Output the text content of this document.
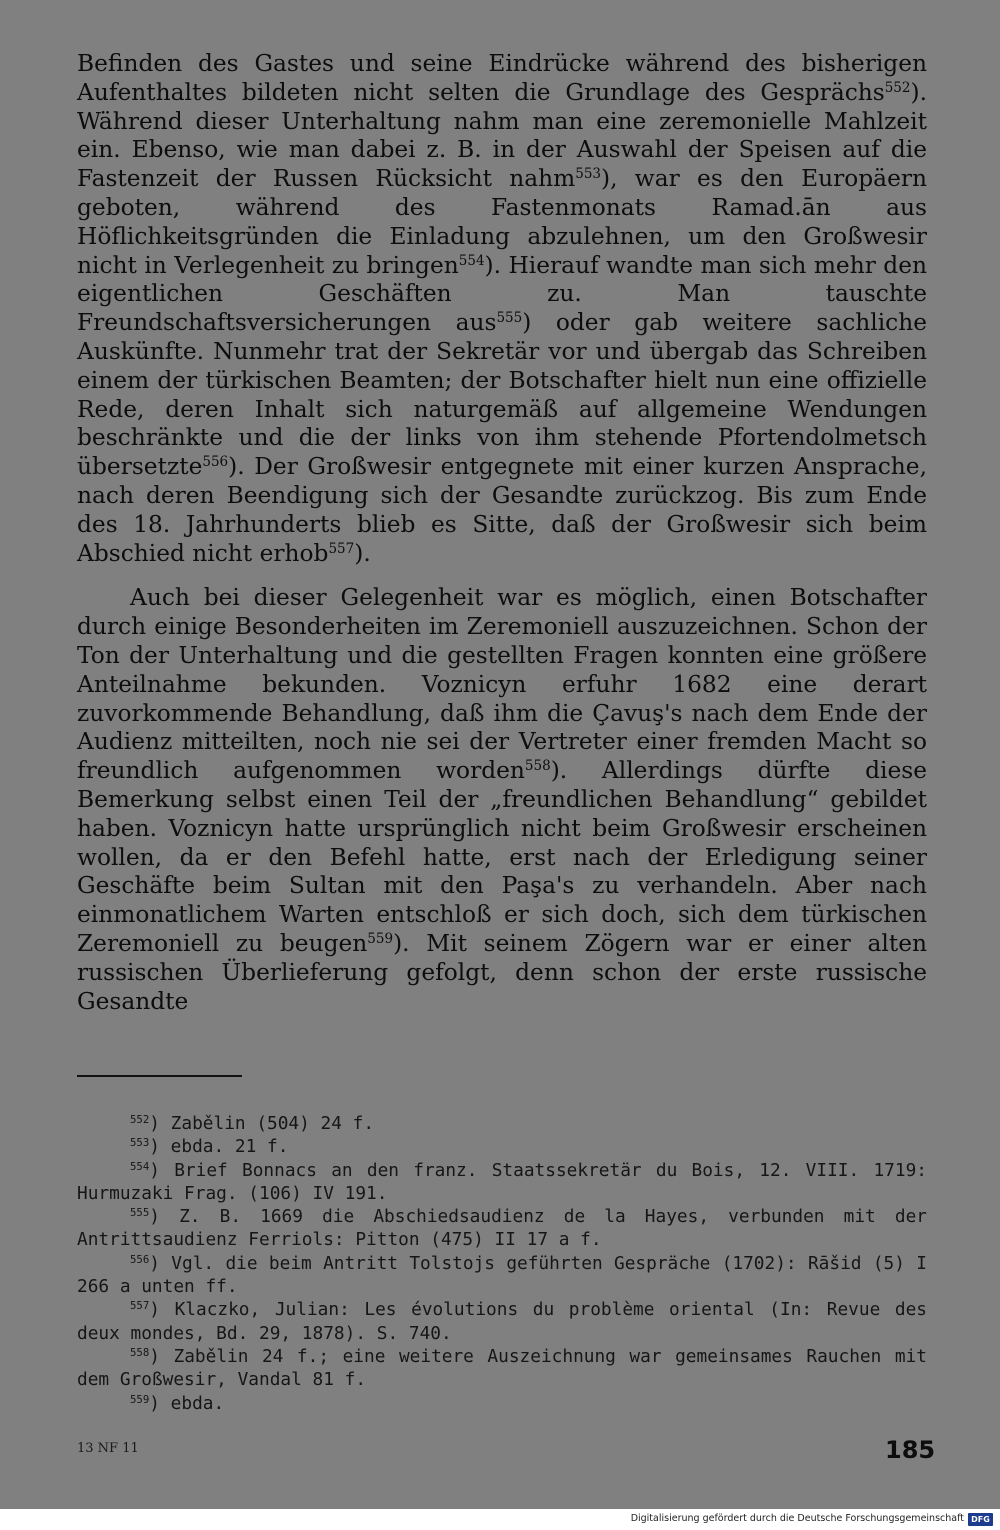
Befinden des Gastes und seine Eindrücke während des bisherigen Aufenthaltes bildeten nicht selten die Grundlage des Gesprächs$^{552}$). Während dieser Unterhaltung nahm man eine zeremonielle Mahlzeit ein. Ebenso, wie man dabei z. B. in der Auswahl der Speisen auf die Fastenzeit der Russen Rücksicht nahm$^{553}$), war es den Europäern geboten, während des Fastenmonats Ramad.ān aus Höflichkeitsgründen die Einladung abzulehnen, um den Großwesir nicht in Verlegenheit zu bringen$^{554}$). Hierauf wandte man sich mehr den eigentlichen Geschäften zu. Man tauschte Freundschaftsversicherungen aus$^{555}$) oder gab weitere sachliche Auskünfte. Nunmehr trat der Sekretär vor und übergab das Schreiben einem der türkischen Beamten; der Botschafter hielt nun eine offizielle Rede, deren Inhalt sich naturgemäß auf allgemeine Wendungen beschränkte und die der links von ihm stehende Pfortendolmetsch übersetzte$^{556}$). Der Großwesir entgegnete mit einer kurzen Ansprache, nach deren Beendigung sich der Gesandte zurückzog. Bis zum Ende des 18. Jahrhunderts blieb es Sitte, daß der Großwesir sich beim Abschied nicht erhob$^{557}$).

Auch bei dieser Gelegenheit war es möglich, einen Botschafter durch einige Besonderheiten im Zeremoniell auszuzeichnen. Schon der Ton der Unterhaltung und die gestellten Fragen konnten eine größere Anteilnahme bekunden. Voznicyn erfuhr 1682 eine derart zuvorkommende Behandlung, daß ihm die Çavuş's nach dem Ende der Audienz mitteilten, noch nie sei der Vertreter einer fremden Macht so freundlich aufgenommen worden$^{558}$). Allerdings dürfte diese Bemerkung selbst einen Teil der „freundlichen Behandlung“ gebildet haben. Voznicyn hatte ursprünglich nicht beim Großwesir erscheinen wollen, da er den Befehl hatte, erst nach der Erledigung seiner Geschäfte beim Sultan mit den Paşa's zu verhandeln. Aber nach einmonatlichem Warten entschloß er sich doch, sich dem türkischen Zeremoniell zu beugen$^{559}$). Mit seinem Zögern war er einer alten russischen Überlieferung gefolgt, denn schon der erste russische Gesandte

$^{552}$) Zabělin (504) 24 f.

$^{553}$) ebda. 21 f.

$^{554}$) Brief Bonnacs an den franz. Staatssekretär du Bois, 12. VIII. 1719: Hurmuzaki Frag. (106) IV 191.

$^{555}$) Z. B. 1669 die Abschiedsaudienz de la Hayes, verbunden mit der Antrittsaudienz Ferriols: Pitton (475) II 17 a f.

$^{556}$) Vgl. die beim Antritt Tolstojs geführten Gespräche (1702): Rāšid (5) I 266 a unten ff.

$^{557}$) Klaczko, Julian: Les évolutions du problème oriental (In: Revue des deux mondes, Bd. 29, 1878). S. 740.

$^{558}$) Zabělin 24 f.; eine weitere Auszeichnung war gemeinsames Rauchen mit dem Großwesir, Vandal 81 f.

$^{559}$) ebda.

13 NF 11	185
Digitalisierung gefördert durch die Deutsche Forschungsgemeinschaft DFG
